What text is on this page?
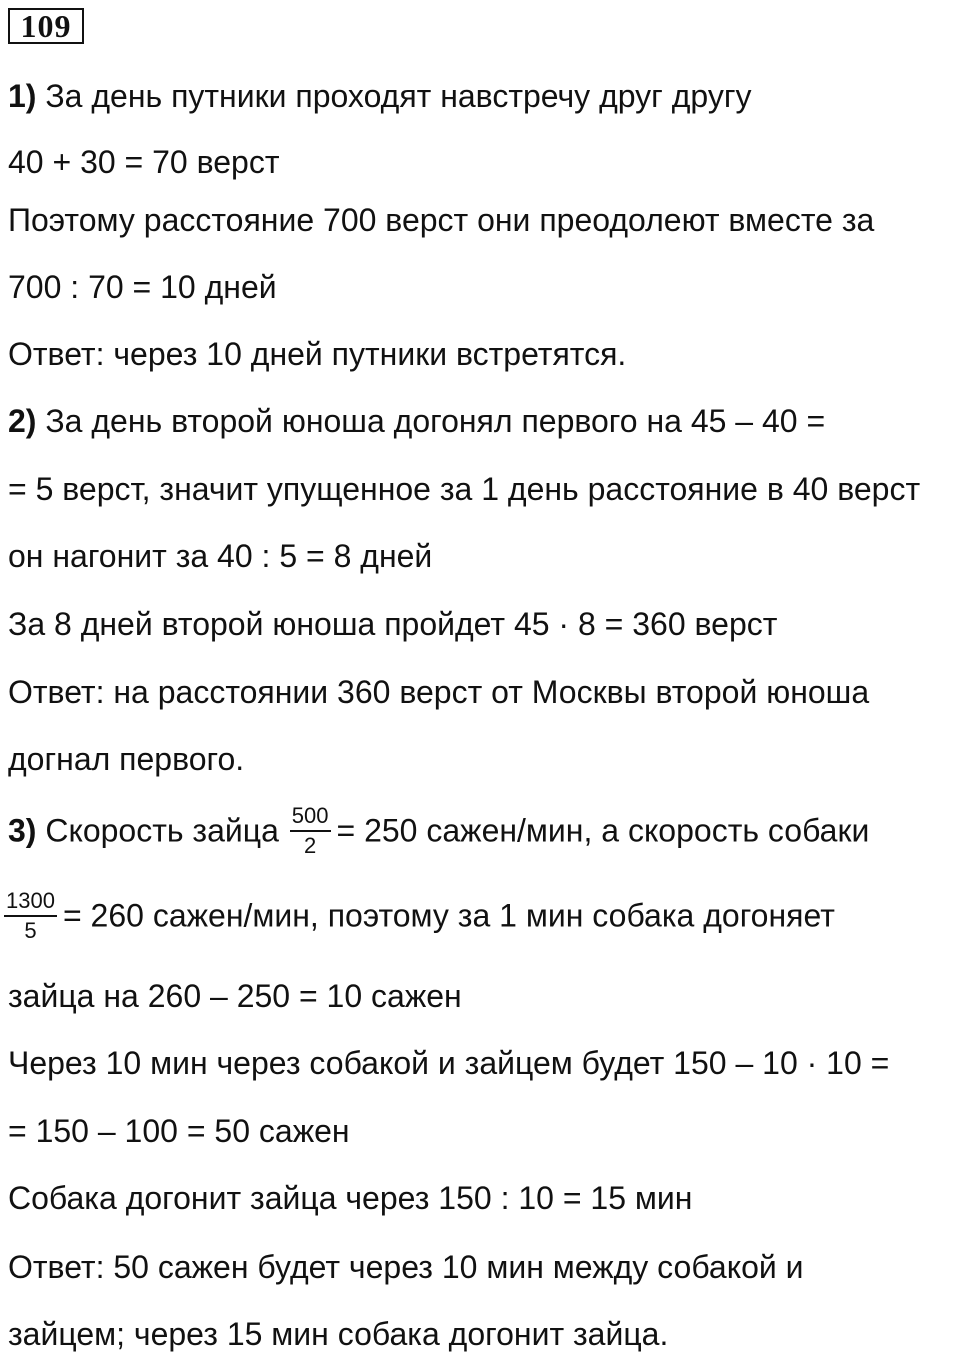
109
1) За день путники проходят навстречу друг другу
40 + 30 = 70 верст
Поэтому расстояние 700 верст они преодолеют вместе за
700 : 70 = 10 дней
Ответ: через 10 дней путники встретятся.
2) За день второй юноша догонял первого на 45 – 40 =
= 5 верст, значит упущенное за 1 день расстояние в 40 верст
он нагонит за 40 : 5 = 8 дней
За 8 дней второй юноша пройдет 45 · 8 = 360 верст
Ответ: на расстоянии 360 верст от Москвы второй юноша
догнал первого.
3) Скорость зайца $\frac{500}{2} = 250$ сажен/мин, а скорость собаки
$\frac{1300}{5} = 260$ сажен/мин, поэтому за 1 мин собака догоняет
зайца на 260 – 250 = 10 сажен
Через 10 мин через собакой и зайцем будет 150 – 10 · 10 =
= 150 – 100 = 50 сажен
Собака догонит зайца через 150 : 10 = 15 мин
Ответ: 50 сажен будет через 10 мин между собакой и
зайцем; через 15 мин собака догонит зайца.
